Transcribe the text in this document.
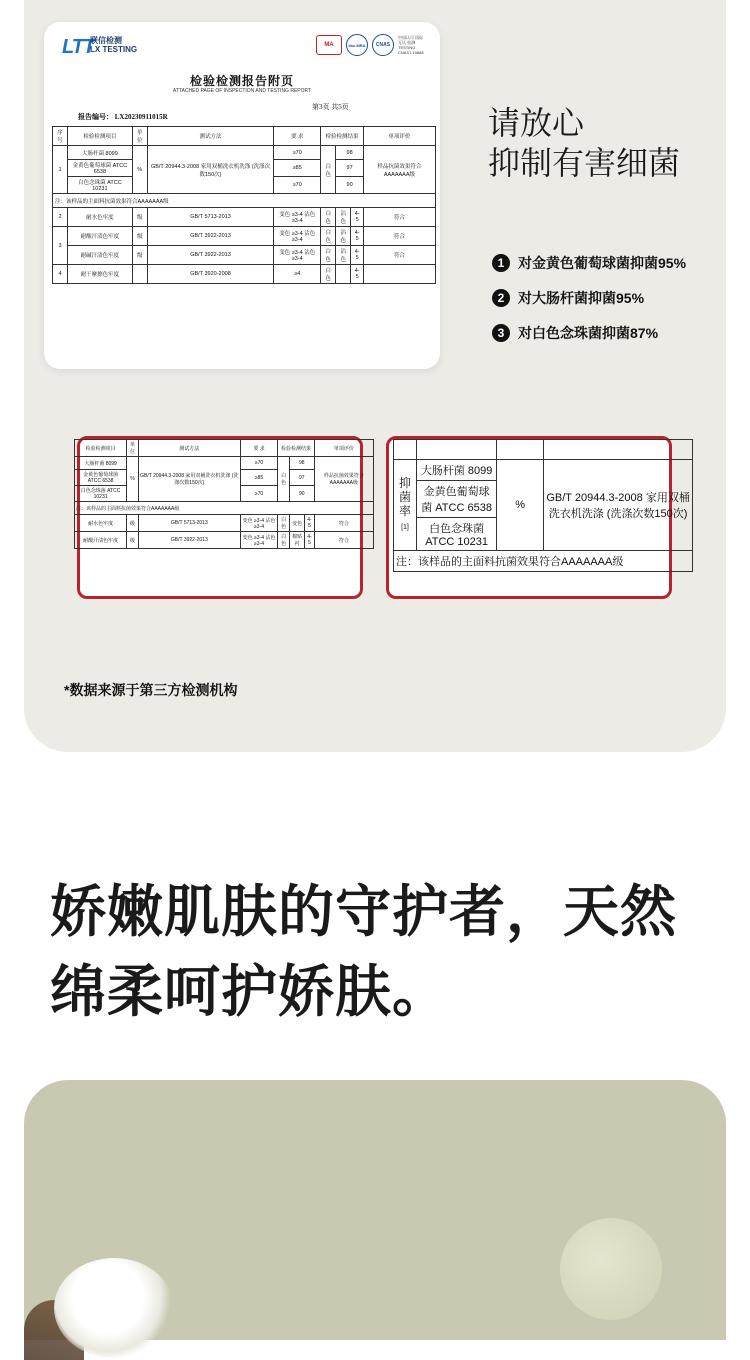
LTT
联信检测
LX TESTING	MA	ilac-MRA	CNAS
中国认可 国际互认 检测 TESTING CNAS L19888
检验检测报告附页
ATTACHED PAGE OF INSPECTION AND TESTING REPORT
第3页 共5页
报告编号： LX20230911015R
序号	检验检测项目	单位	测试方法	要 求	检验检测结果			单项评价
1	大肠杆菌 8099	%	GB/T 20944.3-2008 家用双桶洗衣机洗涤 (洗涤次数150次)	≥70	白色	98		样品抗菌效果符合AAAAAAA级
	金黄色葡萄球菌 ATCC 6538			≥85		97		
	白色念珠菌 ATCC 10231			≥70		90		
注：该样品的主面料抗菌效果符合AAAAAAA级								
2	耐水色牢度	级	GB/T 5713-2013	变色 ≥3-4 沾色 ≥3-4	白色	沾色	4-5	符合
3	耐酸汗渍色牢度	级	GB/T 3922-2013	变色 ≥3-4 沾色 ≥3-4	白色	沾色	4-5	符合
	耐碱汗渍色牢度	级	GB/T 3922-2013	变色 ≥3-4 沾色 ≥3-4	白色	沾色	4-5	符合
4	耐干摩擦色牢度		GB/T 3920-2008	≥4	白色		4-5	
请放心
抑制有害细菌
1 对金黄色葡萄球菌抑菌95%
2 对大肠杆菌抑菌95%
3 对白色念珠菌抑菌87%
检验检测项目	单位	测试方法	要 求	检验检测结果			单项评价
大肠杆菌 8099	%	GB/T 20944.3-2008 家用双桶洗衣机洗涤 (洗涤次数150次)	≥70	白色	98		样品抗菌效果符合AAAAAAA级
金黄色葡萄球菌 ATCC 6538			≥85		97		
白色念珠菌 ATCC 10231			≥70		90		
注：该样品的主面料抗菌效果符合AAAAAAA级							
耐水色牢度	级	GB/T 5713-2013	变色 ≥3-4 沾色 ≥3-4	白色	变色	4-5	符合
耐酸汗渍色牢度	级	GB/T 3922-2013	变色 ≥3-4 沾色 ≥3-4	白色	棉贴衬	4-5	符合

抑菌率
[1]	大肠杆菌 8099	%	GB/T 20944.3-2008 家用双桶洗衣机洗涤 (洗涤次数150次)
	金黄色葡萄球菌 ATCC 6538		
	白色念珠菌 ATCC 10231		
注：该样品的主面料抗菌效果符合AAAAAAA级			
*数据来源于第三方检测机构
娇嫩肌肤的守护者，天然
绵柔呵护娇肤。
